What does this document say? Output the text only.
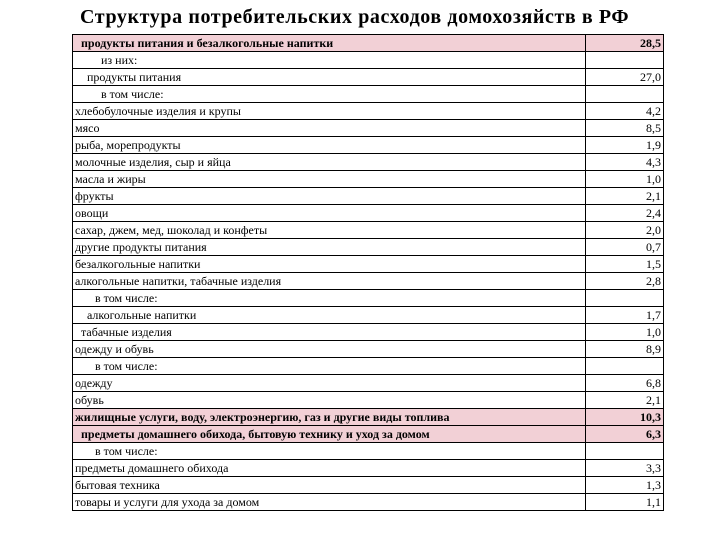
Структура потребительских расходов домохозяйств в РФ
продукты питания и безалкогольные напитки	28,5
из них:	
продукты питания	27,0
в том числе:	
хлебобулочные изделия и крупы	4,2
мясо	8,5
рыба, морепродукты	1,9
молочные изделия, сыр и яйца	4,3
масла и жиры	1,0
фрукты	2,1
овощи	2,4
сахар, джем, мед, шоколад и конфеты	2,0
другие продукты питания	0,7
безалкогольные напитки	1,5
алкогольные напитки, табачные изделия	2,8
в том числе:	
алкогольные напитки	1,7
табачные изделия	1,0
одежду и обувь	8,9
в том числе:	
одежду	6,8
обувь	2,1
жилищные услуги, воду, электроэнергию, газ и другие виды топлива	10,3
предметы домашнего обихода, бытовую технику и уход за домом	6,3
в том числе:	
предметы домашнего обихода	3,3
бытовая техника	1,3
товары и услуги для ухода за домом	1,1
